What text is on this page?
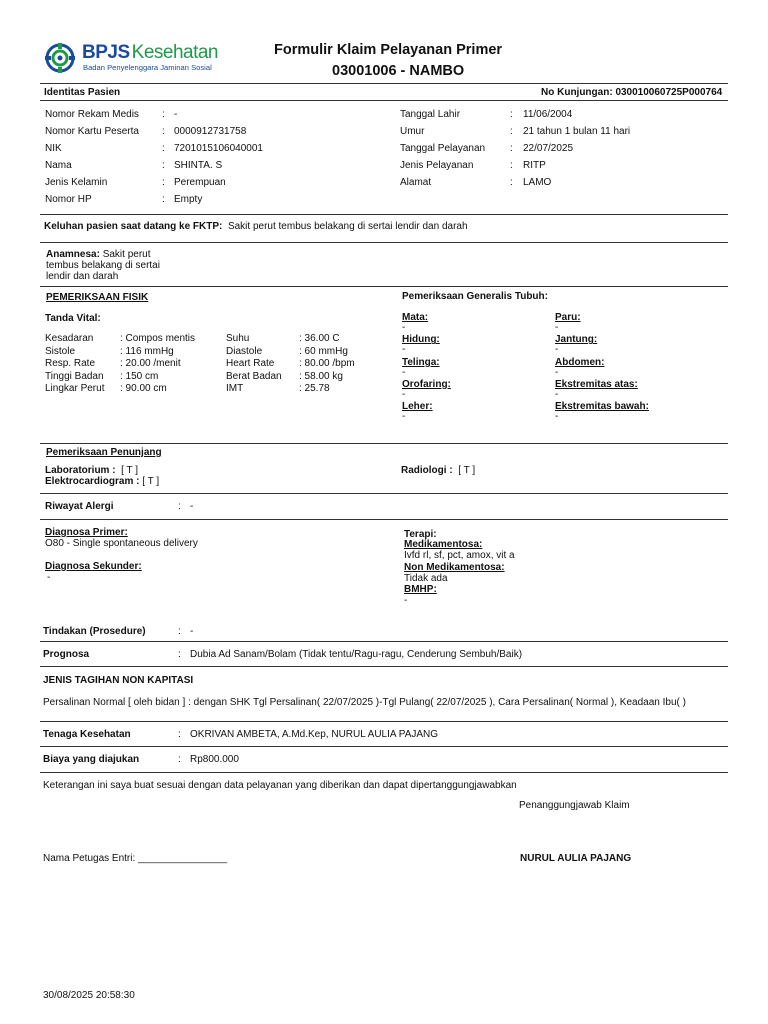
BPJS Kesehatan
Badan Penyelenggara Jaminan Sosial
Formulir Klaim Pelayanan Primer
03001006 - NAMBO
Identitas Pasien	No Kunjungan: 030010060725P000764
Nomor Rekam Medis : -
Nomor Kartu Peserta : 0000912731758
NIK	: 7201015106040001
Nama	: SHINTA. S
Jenis Kelamin	: Perempuan
Nomor HP	: Empty
Tanggal Lahir	: 11/06/2004
Umur	: 21 tahun 1 bulan 11 hari
Tanggal Pelayanan : 22/07/2025
Jenis Pelayanan	: RITP
Alamat	: LAMO
Keluhan pasien saat datang ke FKTP: Sakit perut tembus belakang di sertai lendir dan darah
Anamnesa: Sakit perut
tembus belakang di sertai
lendir dan darah
PEMERIKSAAN FISIK	Pemeriksaan Generalis Tubuh:
Tanda Vital:
Kesadaran	: Compos mentis
Sistole	: 116 mmHg
Resp. Rate : 20.00 /menit
Tinggi Badan : 150 cm
Lingkar Perut : 90.00 cm
Suhu	: 36.00 C
Diastole	: 60 mmHg
Heart Rate : 80.00 /bpm
Berat Badan : 58.00 kg
IMT	: 25.78
Mata:
-
Hidung:
-
Telinga:
-
Orofaring:
-
Leher:
-
Paru:
-
Jantung:
-
Abdomen:
-
Ekstremitas atas:
-
Ekstremitas bawah:
-
Pemeriksaan Penunjang
Laboratorium : [ T ]
Elektrocardiogram : [ T ]
Radiologi : [ T ]
Riwayat Alergi	: -
Diagnosa Primer:
O80 - Single spontaneous delivery
Diagnosa Sekunder:
-
Terapi:
Medikamentosa:
Ivfd rl, sf, pct, amox, vit a
Non Medikamentosa:
Tidak ada
BMHP:
-
Tindakan (Prosedure)	: -
Prognosa	: Dubia Ad Sanam/Bolam (Tidak tentu/Ragu-ragu, Cenderung Sembuh/Baik)
JENIS TAGIHAN NON KAPITASI
Persalinan Normal [ oleh bidan ] : dengan SHK Tgl Persalinan( 22/07/2025 )-Tgl Pulang( 22/07/2025 ), Cara Persalinan( Normal ), Keadaan Ibu( )
Tenaga Kesehatan	: OKRIVAN AMBETA, A.Md.Kep, NURUL AULIA PAJANG
Biaya yang diajukan	: Rp800.000
Keterangan ini saya buat sesuai dengan data pelayanan yang diberikan dan dapat dipertanggungjawabkan
Penanggungjawab Klaim
Nama Petugas Entri: ________________	NURUL AULIA PAJANG
30/08/2025 20:58:30
